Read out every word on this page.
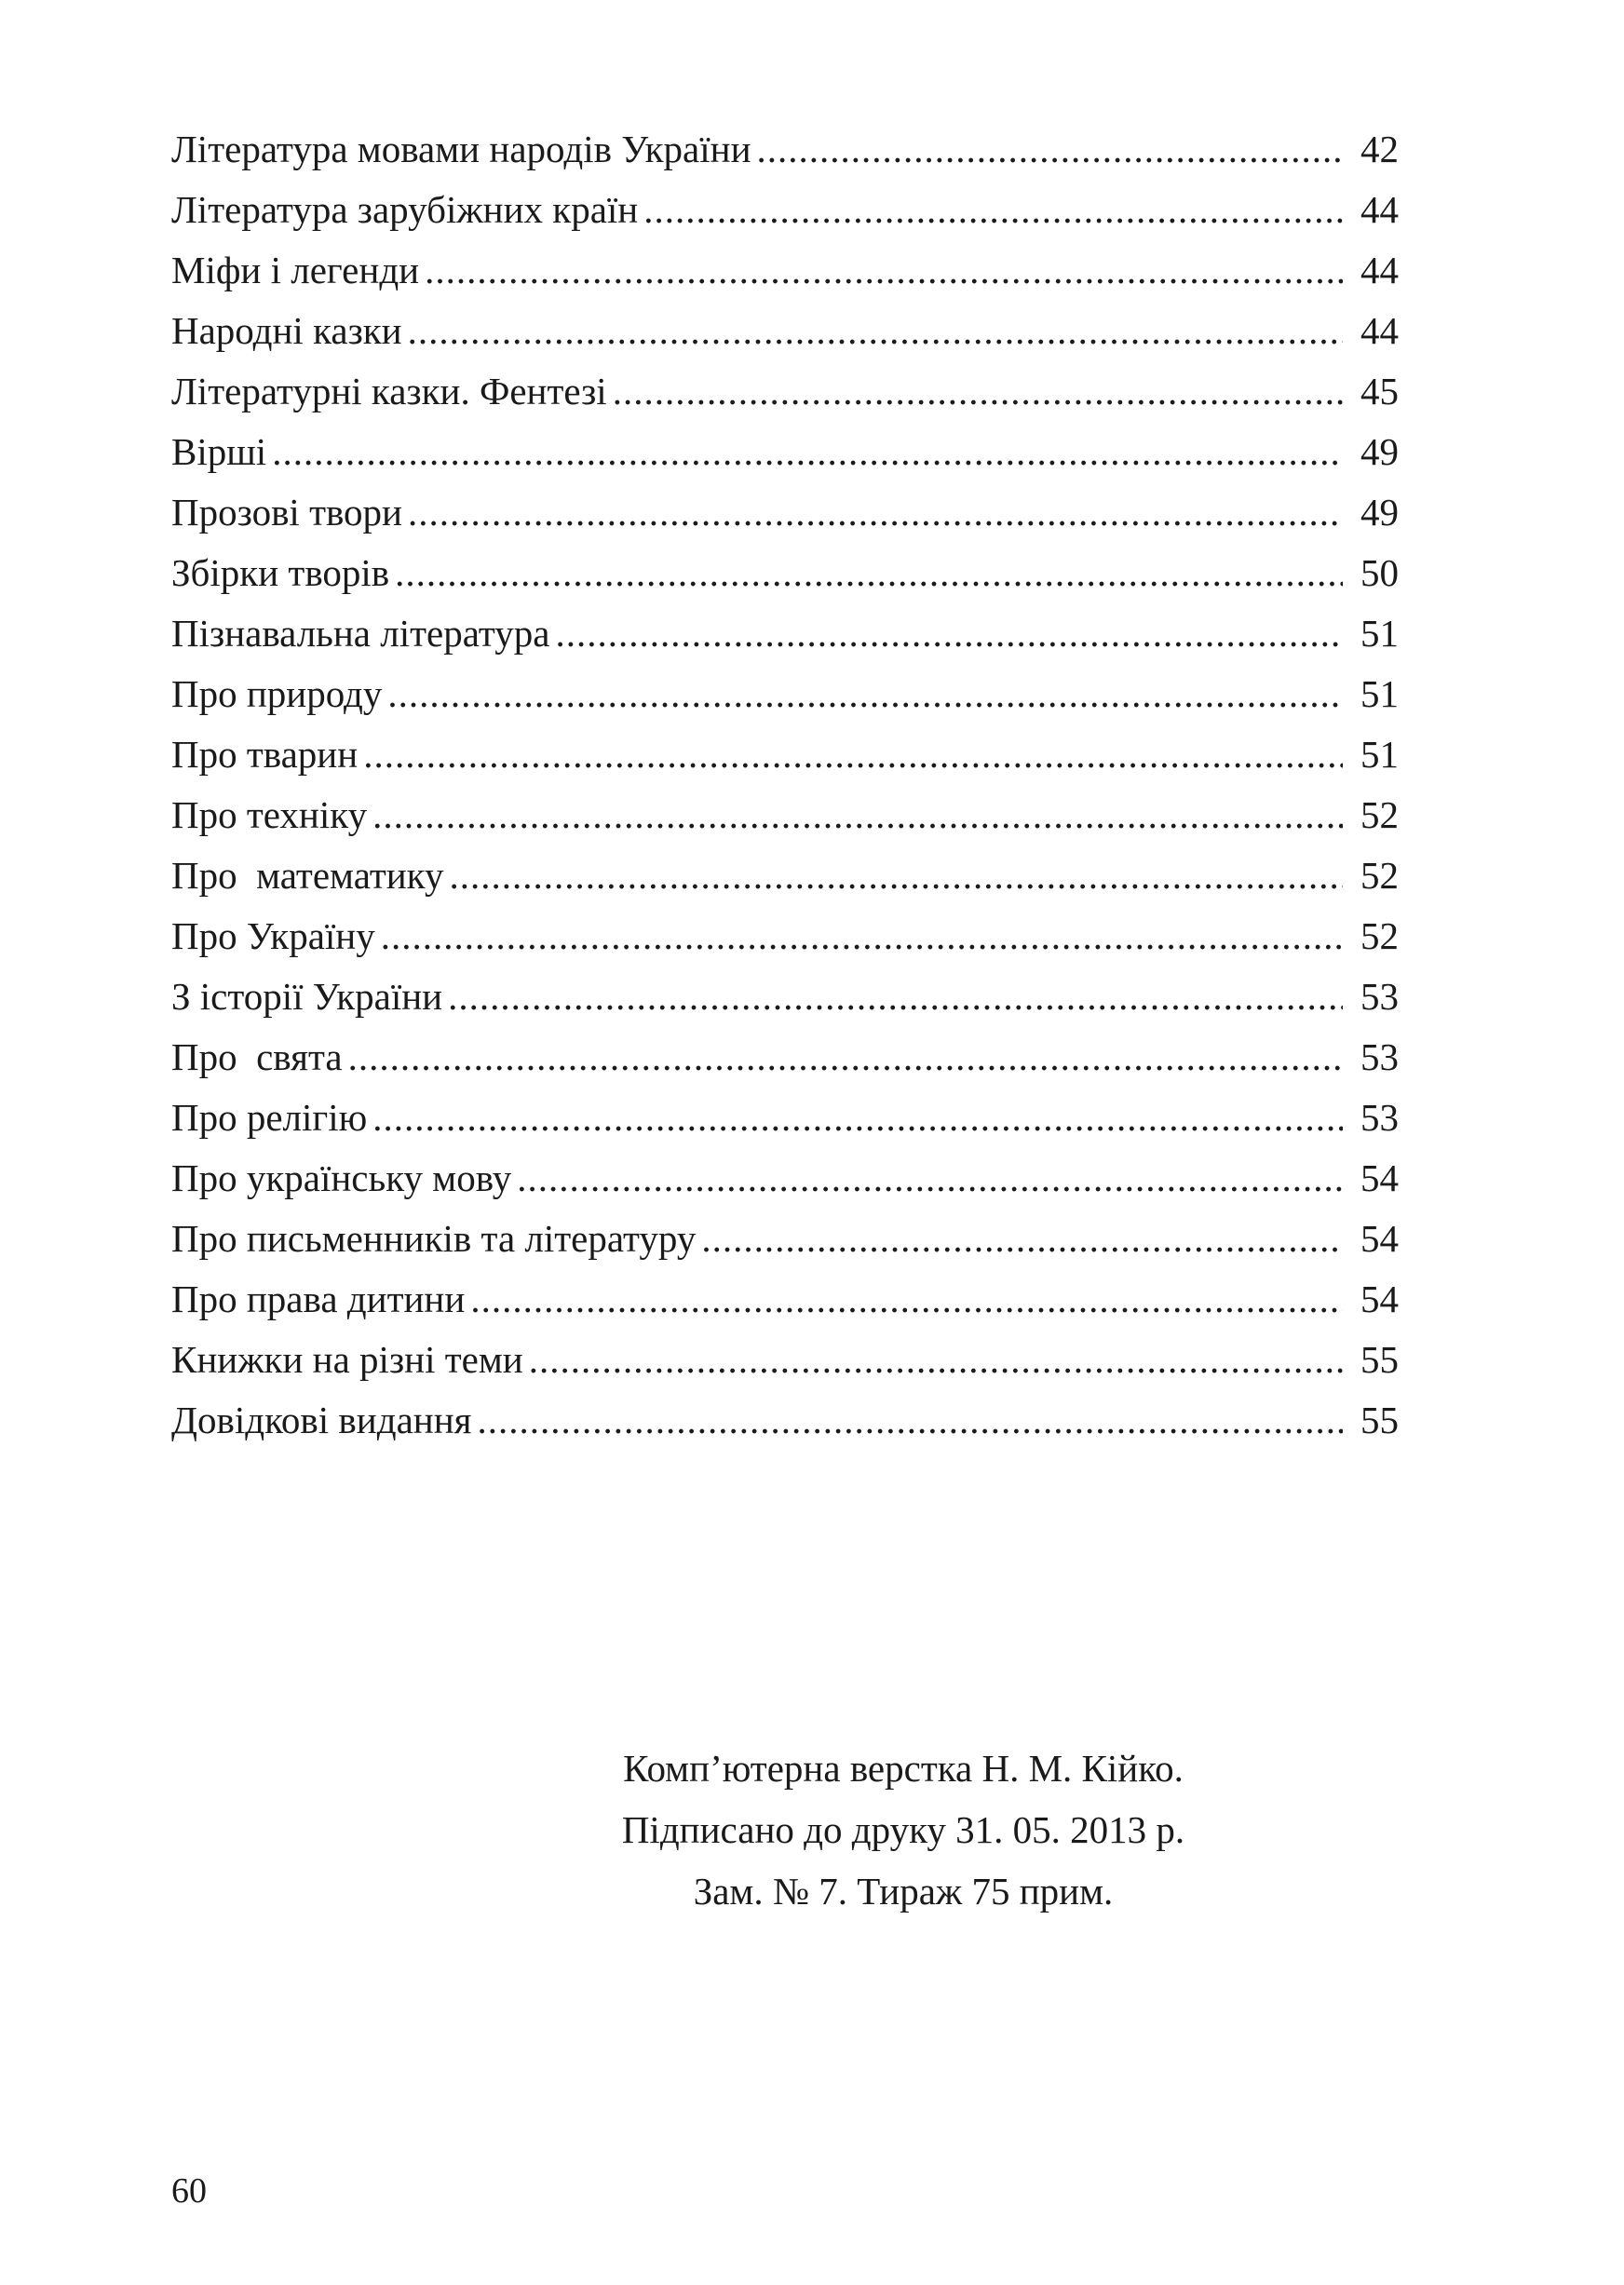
Література мовами народів України .....	42
Література зарубіжних країн .....	44
Міфи і легенди .....	44
Народні казки .....	44
Літературні казки. Фентезі .....	45
Вірші .....	49
Прозові твори .....	49
Збірки творів .....	50
Пізнавальна література .....	51
Про природу .....	51
Про тварин .....	51
Про техніку .....	52
Про  математику .....	52
Про Україну .....	52
З історії України .....	53
Про  свята .....	53
Про релігію .....	53
Про українську мову .....	54
Про письменників та літературу .....	54
Про права дитини .....	54
Книжки на різні теми .....	55
Довідкові видання .....	55
Комп’ютерна верстка Н. М. Кійко.
Підписано до друку 31. 05. 2013 р.
Зам. № 7. Тираж 75 прим.
60
